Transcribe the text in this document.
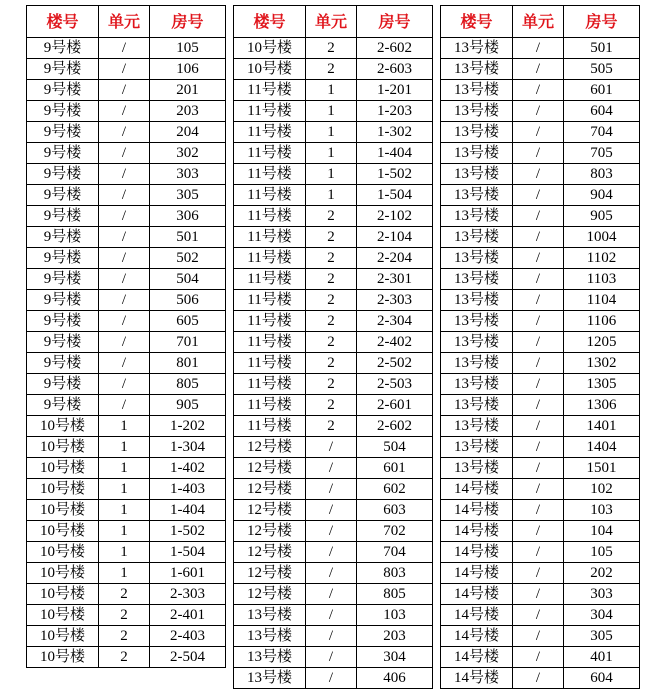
楼号	单元	房号
9号楼	/	105
9号楼	/	106
9号楼	/	201
9号楼	/	203
9号楼	/	204
9号楼	/	302
9号楼	/	303
9号楼	/	305
9号楼	/	306
9号楼	/	501
9号楼	/	502
9号楼	/	504
9号楼	/	506
9号楼	/	605
9号楼	/	701
9号楼	/	801
9号楼	/	805
9号楼	/	905
10号楼	1	1-202
10号楼	1	1-304
10号楼	1	1-402
10号楼	1	1-403
10号楼	1	1-404
10号楼	1	1-502
10号楼	1	1-504
10号楼	1	1-601
10号楼	2	2-303
10号楼	2	2-401
10号楼	2	2-403
10号楼	2	2-504
楼号	单元	房号
10号楼	2	2-602
10号楼	2	2-603
11号楼	1	1-201
11号楼	1	1-203
11号楼	1	1-302
11号楼	1	1-404
11号楼	1	1-502
11号楼	1	1-504
11号楼	2	2-102
11号楼	2	2-104
11号楼	2	2-204
11号楼	2	2-301
11号楼	2	2-303
11号楼	2	2-304
11号楼	2	2-402
11号楼	2	2-502
11号楼	2	2-503
11号楼	2	2-601
11号楼	2	2-602
12号楼	/	504
12号楼	/	601
12号楼	/	602
12号楼	/	603
12号楼	/	702
12号楼	/	704
12号楼	/	803
12号楼	/	805
13号楼	/	103
13号楼	/	203
13号楼	/	304
13号楼	/	406
楼号	单元	房号
13号楼	/	501
13号楼	/	505
13号楼	/	601
13号楼	/	604
13号楼	/	704
13号楼	/	705
13号楼	/	803
13号楼	/	904
13号楼	/	905
13号楼	/	1004
13号楼	/	1102
13号楼	/	1103
13号楼	/	1104
13号楼	/	1106
13号楼	/	1205
13号楼	/	1302
13号楼	/	1305
13号楼	/	1306
13号楼	/	1401
13号楼	/	1404
13号楼	/	1501
14号楼	/	102
14号楼	/	103
14号楼	/	104
14号楼	/	105
14号楼	/	202
14号楼	/	303
14号楼	/	304
14号楼	/	305
14号楼	/	401
14号楼	/	604
